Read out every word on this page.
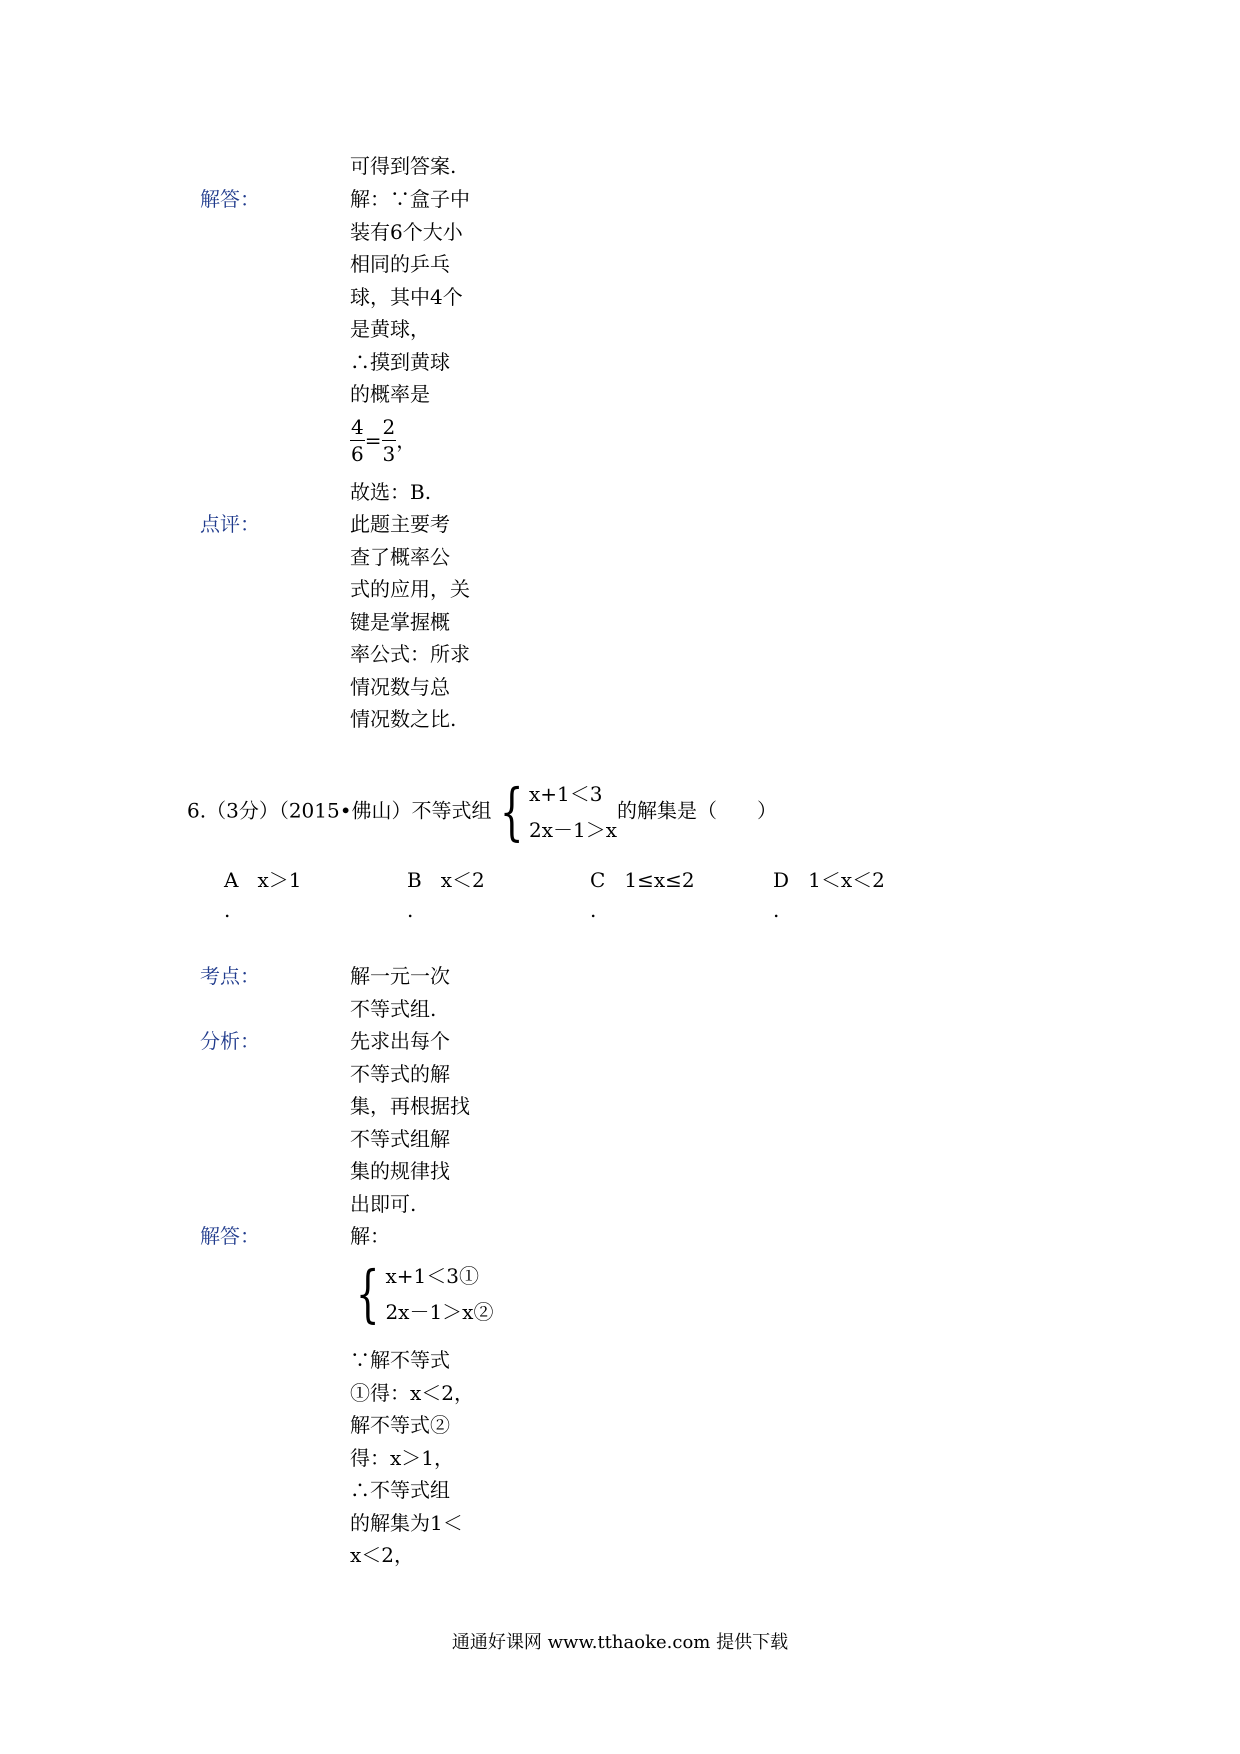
可得到答案.
解答：	解：∵盒子中
装有6个大小
相同的乒乓
球，其中4个
是黄球，
∴摸到黄球
的概率是
$\frac{4}{6} = \frac{2}{3}$ ，
故选：B.
点评：	此题主要考
查了概率公
式的应用，关
键是掌握概
率公式：所求
情况数与总
情况数之比.
6.（3分）（2015•佛山）不等式组 { x+1＜3
2x－1＞x
的解集是（　　）
A x＞1
.
B x＜2
.
C 1≤x≤2
.
D 1＜x＜2
.
考点：	解一元一次
不等式组.
分析：	先求出每个
不等式的解
集，再根据找
不等式组解
集的规律找
出即可.
解答：	解：
{ x+1＜3①
2x－1＞x②
∵解不等式
①得：x＜2，
解不等式②
得：x＞1，
∴不等式组
的解集为1＜
x＜2，
通通好课网 www.tthaoke.com 提供下载
